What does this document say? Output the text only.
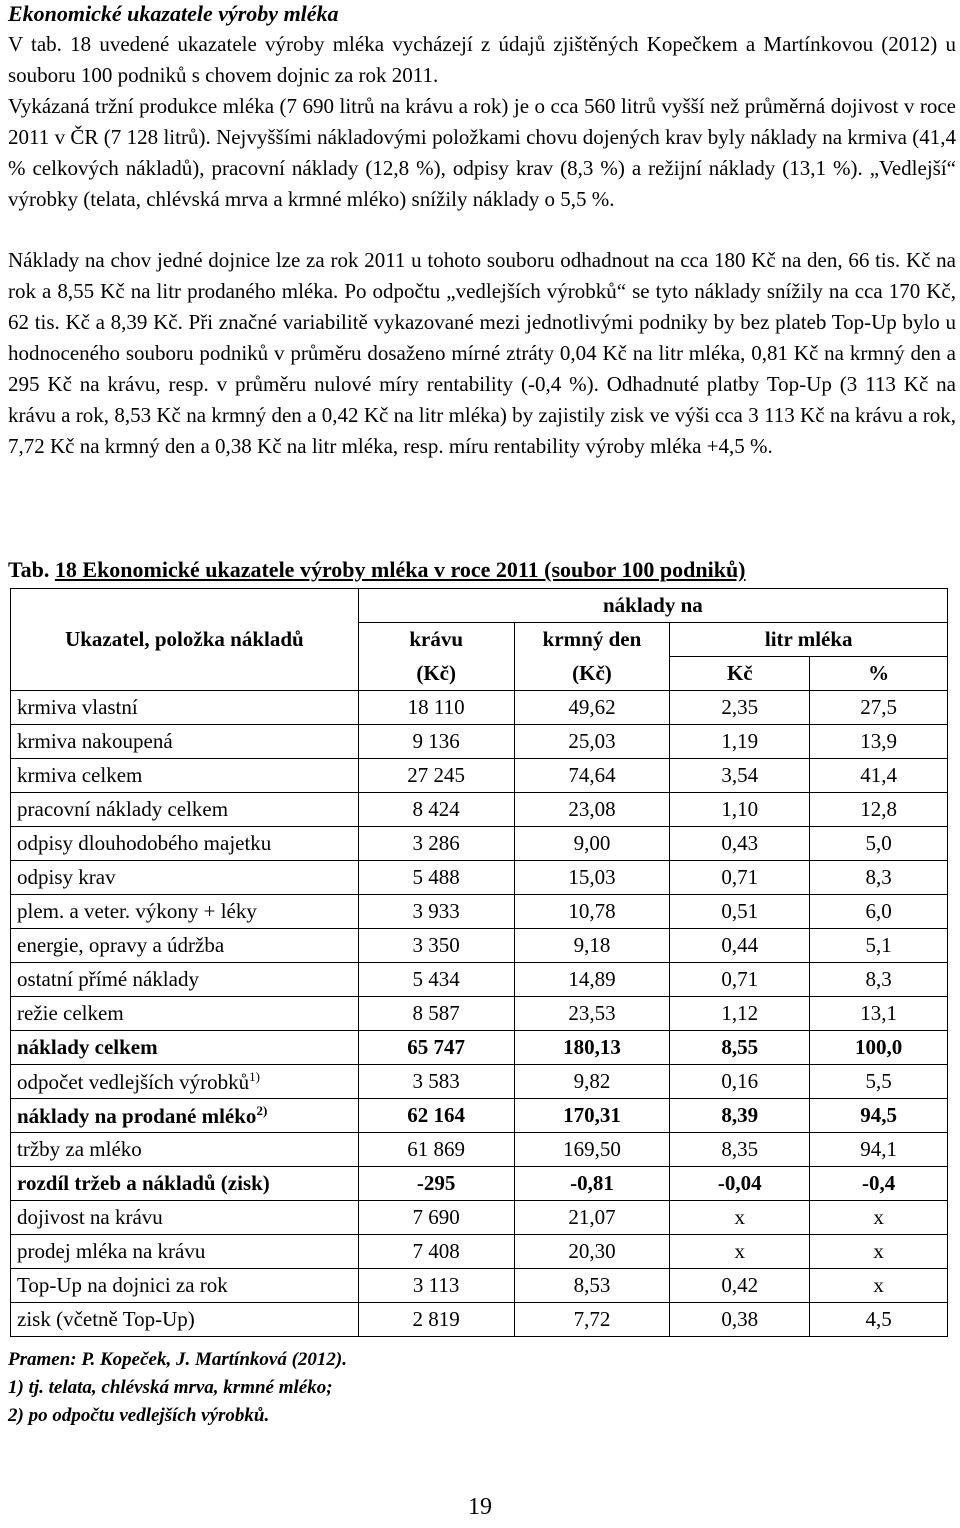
Ekonomické ukazatele výroby mléka
V tab. 18 uvedené ukazatele výroby mléka vycházejí z údajů zjištěných Kopečkem a Martínkovou (2012) u souboru 100 podniků s chovem dojnic za rok 2011.
Vykázaná tržní produkce mléka (7 690 litrů na krávu a rok) je o cca 560 litrů vyšší než průměrná dojivost v roce 2011 v ČR (7 128 litrů). Nejvyššími nákladovými položkami chovu dojených krav byly náklady na krmiva (41,4 % celkových nákladů), pracovní náklady (12,8 %), odpisy krav (8,3 %) a režijní náklady (13,1 %). „Vedlejší“ výrobky (telata, chlévská mrva a krmné mléko) snížily náklady o 5,5 %.
Náklady na chov jedné dojnice lze za rok 2011 u tohoto souboru odhadnout na cca 180 Kč na den, 66 tis. Kč na rok a 8,55 Kč na litr prodaného mléka. Po odpočtu „vedlejších výrobků“ se tyto náklady snížily na cca 170 Kč, 62 tis. Kč a 8,39 Kč. Při značné variabilitě vykazované mezi jednotlivými podniky by bez plateb Top-Up bylo u hodnoceného souboru podniků v průměru dosaženo mírné ztráty 0,04 Kč na litr mléka, 0,81 Kč na krmný den a 295 Kč na krávu, resp. v průměru nulové míry rentability (-0,4 %). Odhadnuté platby Top-Up (3 113 Kč na krávu a rok, 8,53 Kč na krmný den a 0,42 Kč na litr mléka) by zajistily zisk ve výši cca 3 113 Kč na krávu a rok, 7,72 Kč na krmný den a 0,38 Kč na litr mléka, resp. míru rentability výroby mléka +4,5 %.
Tab. 18 Ekonomické ukazatele výroby mléka v roce 2011 (soubor 100 podniků)
Ukazatel, položka nákladů	náklady na			
	krávu	krmný den	litr mléka	
	(Kč)	(Kč)	Kč	%
krmiva vlastní	18 110	49,62	2,35	27,5
krmiva nakoupená	9 136	25,03	1,19	13,9
krmiva celkem	27 245	74,64	3,54	41,4
pracovní náklady celkem	8 424	23,08	1,10	12,8
odpisy dlouhodobého majetku	3 286	9,00	0,43	5,0
odpisy krav	5 488	15,03	0,71	8,3
plem. a veter. výkony + léky	3 933	10,78	0,51	6,0
energie, opravy a údržba	3 350	9,18	0,44	5,1
ostatní přímé náklady	5 434	14,89	0,71	8,3
režie celkem	8 587	23,53	1,12	13,1
náklady celkem	65 747	180,13	8,55	100,0
odpočet vedlejších výrobků$^{1)}$	3 583	9,82	0,16	5,5
náklady na prodané mléko$^{2)}$	62 164	170,31	8,39	94,5
tržby za mléko	61 869	169,50	8,35	94,1
rozdíl tržeb a nákladů (zisk)	-295	-0,81	-0,04	-0,4
dojivost na krávu	7 690	21,07	x	x
prodej mléka na krávu	7 408	20,30	x	x
Top-Up na dojnici za rok	3 113	8,53	0,42	x
zisk (včetně Top-Up)	2 819	7,72	0,38	4,5
Pramen: P. Kopeček, J. Martínková (2012).
1) tj. telata, chlévská mrva, krmné mléko;
2) po odpočtu vedlejších výrobků.
19
